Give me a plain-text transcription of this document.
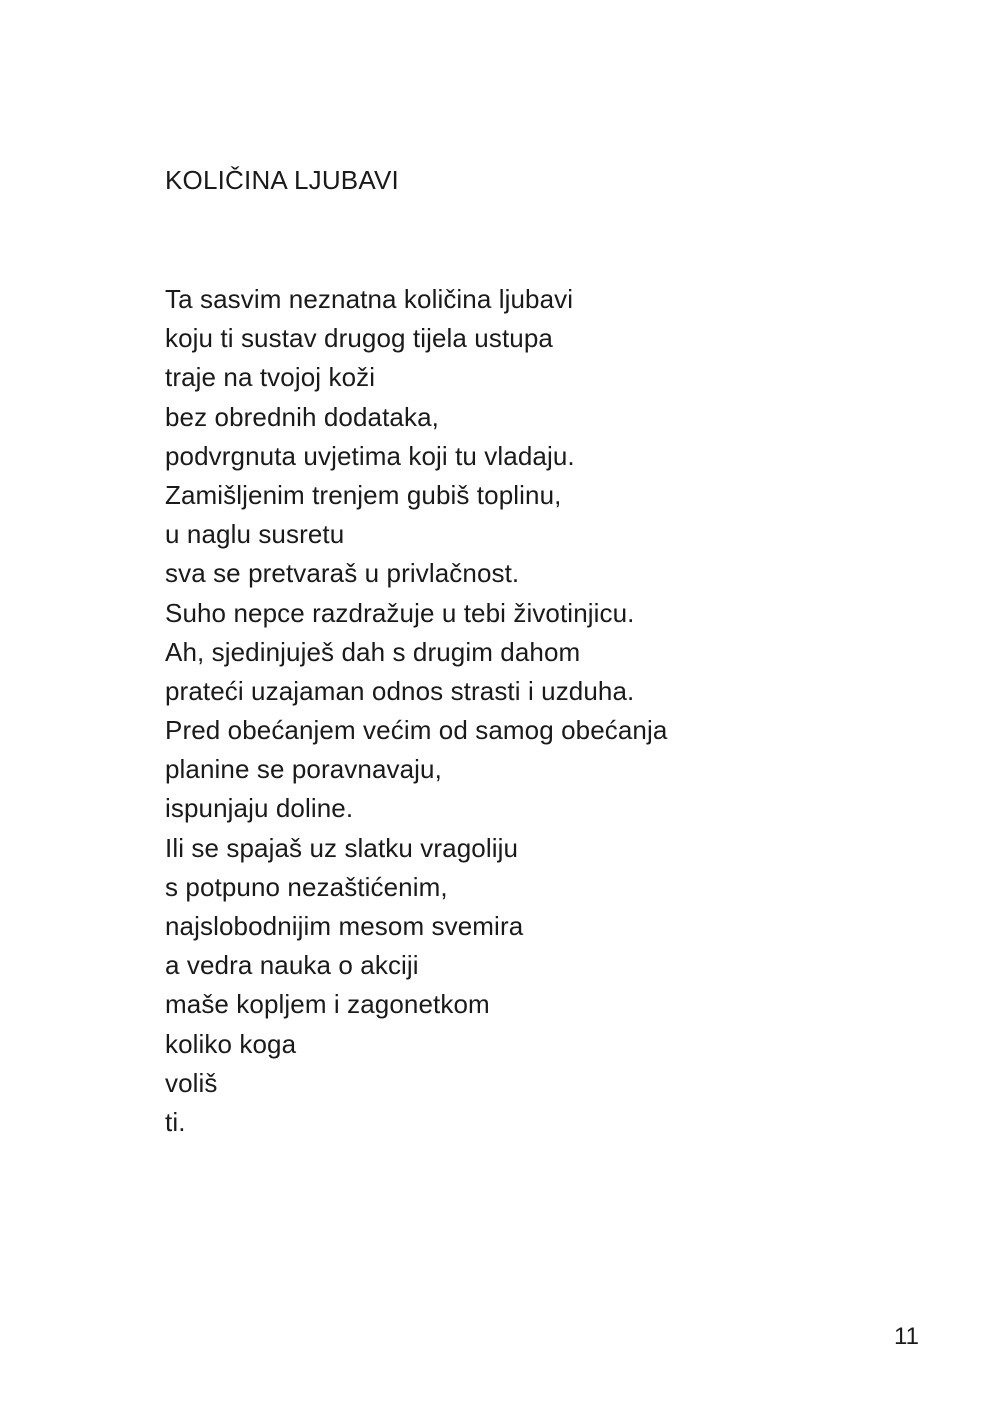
KOLIČINA LJUBAVI
Ta sasvim neznatna količina ljubavi
koju ti sustav drugog tijela ustupa
traje na tvojoj koži
bez obrednih dodataka,
podvrgnuta uvjetima koji tu vladaju.
Zamišljenim trenjem gubiš toplinu,
u naglu susretu
sva se pretvaraš u privlačnost.
Suho nepce razdražuje u tebi životinjicu.
Ah, sjedinjuješ dah s drugim dahom
prateći uzajaman odnos strasti i uzduha.
Pred obećanjem većim od samog obećanja
planine se poravnavaju,
ispunjaju doline.
Ili se spajaš uz slatku vragoliju
s potpuno nezaštićenim,
najslobodnijim mesom svemira
a vedra nauka o akciji
maše kopljem i zagonetkom
koliko koga
voliš
ti.
11
